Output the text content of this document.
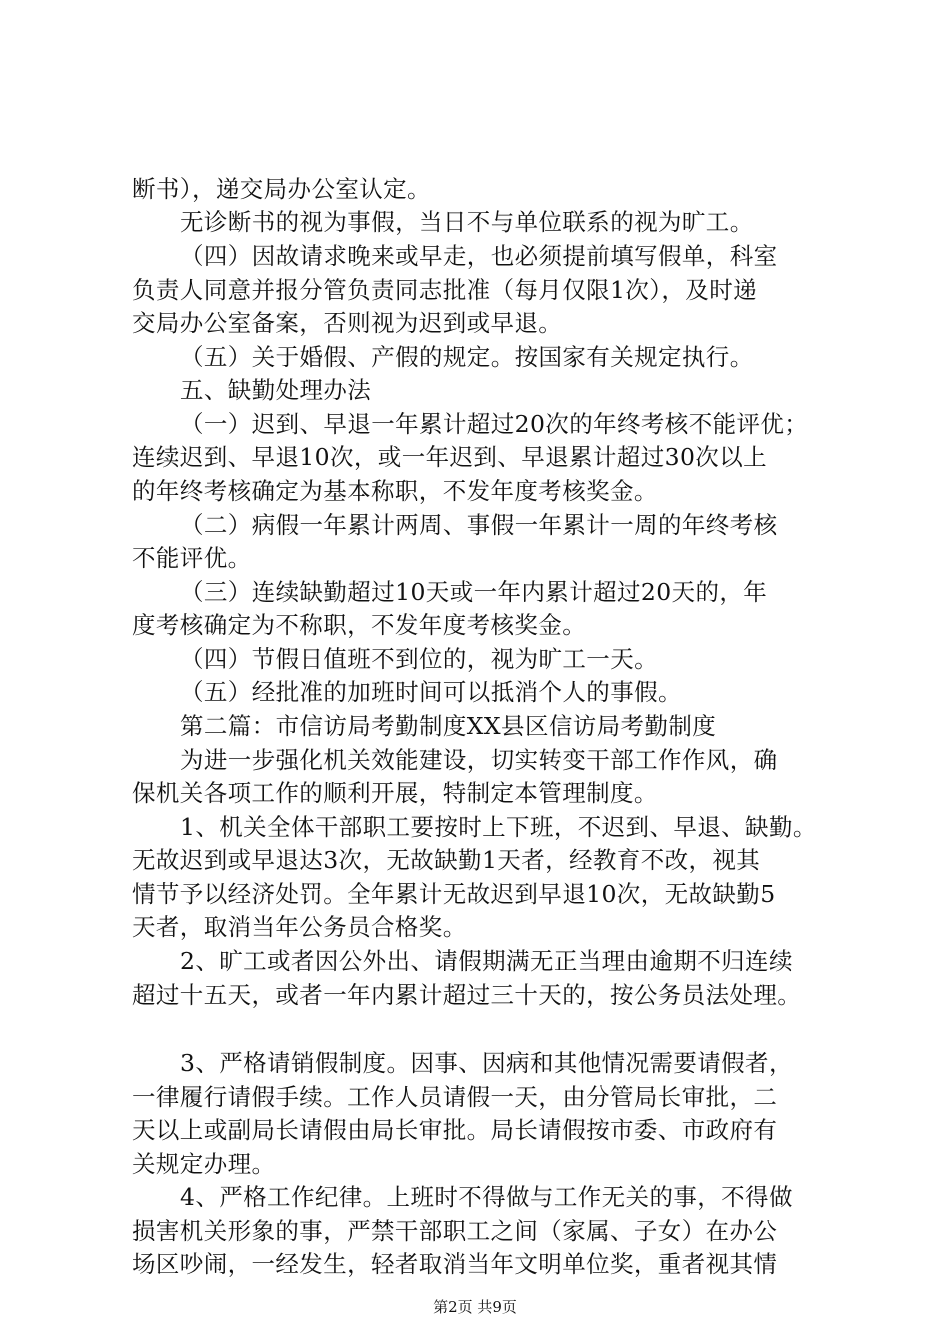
断书），递交局办公室认定。
无诊断书的视为事假，当日不与单位联系的视为旷工。
（四）因故请求晚来或早走，也必须提前填写假单，科室
负责人同意并报分管负责同志批准（每月仅限1次），及时递
交局办公室备案，否则视为迟到或早退。
（五）关于婚假、产假的规定。按国家有关规定执行。
五、缺勤处理办法
（一）迟到、早退一年累计超过20次的年终考核不能评优；
连续迟到、早退10次，或一年迟到、早退累计超过30次以上
的年终考核确定为基本称职，不发年度考核奖金。
（二）病假一年累计两周、事假一年累计一周的年终考核
不能评优。
（三）连续缺勤超过10天或一年内累计超过20天的，年
度考核确定为不称职，不发年度考核奖金。
（四）节假日值班不到位的，视为旷工一天。
（五）经批准的加班时间可以抵消个人的事假。
第二篇：市信访局考勤制度XX县区信访局考勤制度
为进一步强化机关效能建设，切实转变干部工作作风，确
保机关各项工作的顺利开展，特制定本管理制度。
1、机关全体干部职工要按时上下班，不迟到、早退、缺勤。
无故迟到或早退达3次，无故缺勤1天者，经教育不改，视其
情节予以经济处罚。全年累计无故迟到早退10次，无故缺勤5
天者，取消当年公务员合格奖。
2、旷工或者因公外出、请假期满无正当理由逾期不归连续
超过十五天，或者一年内累计超过三十天的，按公务员法处理。
3、严格请销假制度。因事、因病和其他情况需要请假者，
一律履行请假手续。工作人员请假一天，由分管局长审批，二
天以上或副局长请假由局长审批。局长请假按市委、市政府有
关规定办理。
4、严格工作纪律。上班时不得做与工作无关的事，不得做
损害机关形象的事，严禁干部职工之间（家属、子女）在办公
场区吵闹，一经发生，轻者取消当年文明单位奖，重者视其情
第2页 共9页
